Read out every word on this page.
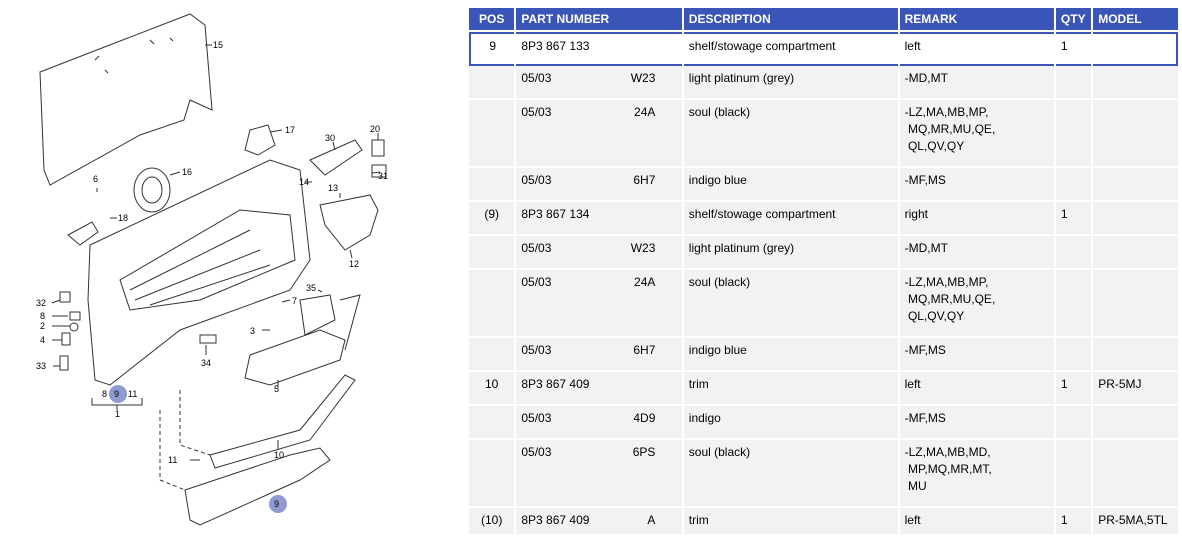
15
17
30
20
16
6
13
31
18
14
12
35
32
8
2
4
7
3
33	34
5
9 11
1
10
9
8
11
POS	PART NUMBER	DESCRIPTION	REMARK	QTY	MODEL
9	8P3 867 133	shelf/stowage compartment	left	1	
	05/03 W23	light platinum (grey)	-MD,MT		
	05/03 24A	soul (black)	-LZ,MA,MB,MP,
MQ,MR,MU,QE,
QL,QV,QY		
	05/03 6H7	indigo blue	-MF,MS		
(9)	8P3 867 134	shelf/stowage compartment	right	1	
	05/03 W23	light platinum (grey)	-MD,MT		
	05/03 24A	soul (black)	-LZ,MA,MB,MP,
MQ,MR,MU,QE,
QL,QV,QY		
	05/03 6H7	indigo blue	-MF,MS		
10	8P3 867 409	trim	left	1	PR-5MJ
	05/03 4D9	indigo	-MF,MS		
	05/03 6PS	soul (black)	-LZ,MA,MB,MD,
MP,MQ,MR,MT,
MU		
(10)	8P3 867 409 A	trim	left	1	PR-5MA,5TL
